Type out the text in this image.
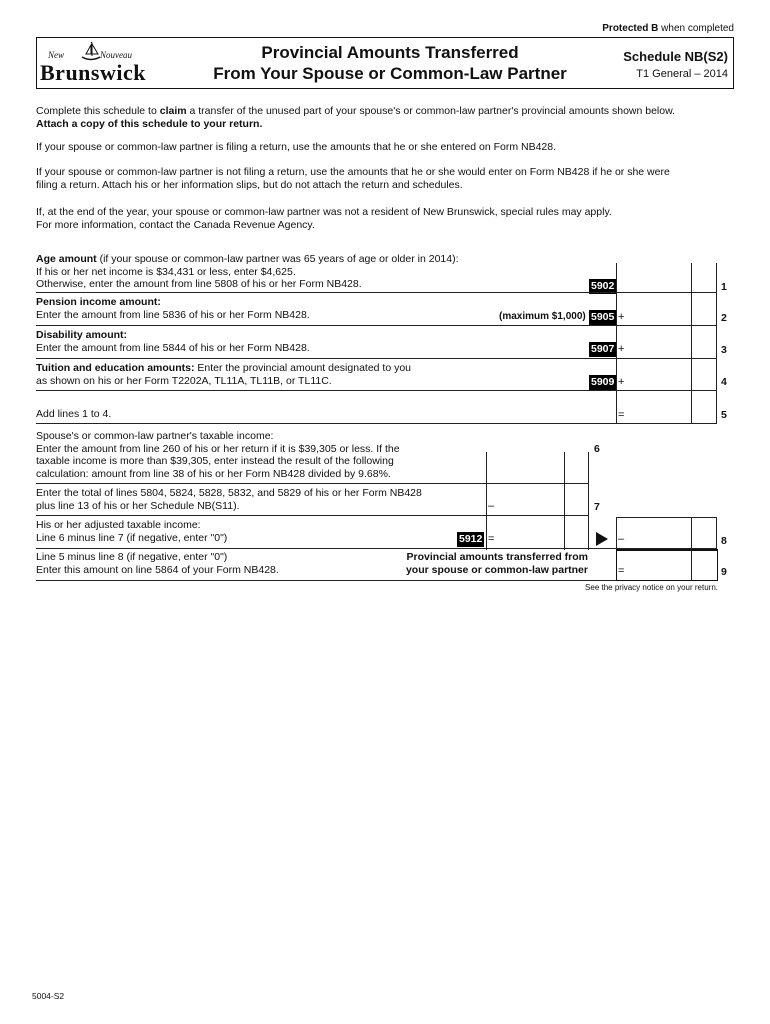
Protected B when completed
New	Nouveau
Brunswick
Provincial Amounts Transferred
From Your Spouse or Common-Law Partner
Schedule NB(S2)
T1 General – 2014
Complete this schedule to claim a transfer of the unused part of your spouse's or common-law partner's provincial amounts shown below.
Attach a copy of this schedule to your return.
If your spouse or common-law partner is filing a return, use the amounts that he or she entered on Form NB428.
If your spouse or common-law partner is not filing a return, use the amounts that he or she would enter on Form NB428 if he or she were
filing a return. Attach his or her information slips, but do not attach the return and schedules.
If, at the end of the year, your spouse or common-law partner was not a resident of New Brunswick, special rules may apply.
For more information, contact the Canada Revenue Agency.
Age amount (if your spouse or common-law partner was 65 years of age or older in 2014):
If his or her net income is $34,431 or less, enter $4,625.
Otherwise, enter the amount from line 5808 of his or her Form NB428.	5902	1
Pension income amount:
Enter the amount from line 5836 of his or her Form NB428.	(maximum $1,000) 5905 +	2
Disability amount:
Enter the amount from line 5844 of his or her Form NB428.	5907 +	3
Tuition and education amounts: Enter the provincial amount designated to you
as shown on his or her Form T2202A, TL11A, TL11B, or TL11C.	5909 +	4
Add lines 1 to 4.	=	5
Spouse's or common-law partner's taxable income:
Enter the amount from line 260 of his or her return if it is $39,305 or less. If the
taxable income is more than $39,305, enter instead the result of the following
calculation: amount from line 38 of his or her Form NB428 divided by 9.68%.
6
Enter the total of lines 5804, 5824, 5828, 5832, and 5829 of his or her Form NB428
plus line 13 of his or her Schedule NB(S11).	–	7
His or her adjusted taxable income:
Line 6 minus line 7 (if negative, enter "0")	5912 =	–	8
Line 5 minus line 8 (if negative, enter "0")
Enter this amount on line 5864 of your Form NB428.
Provincial amounts transferred from
your spouse or common-law partner	=	9
See the privacy notice on your return.
5004-S2
